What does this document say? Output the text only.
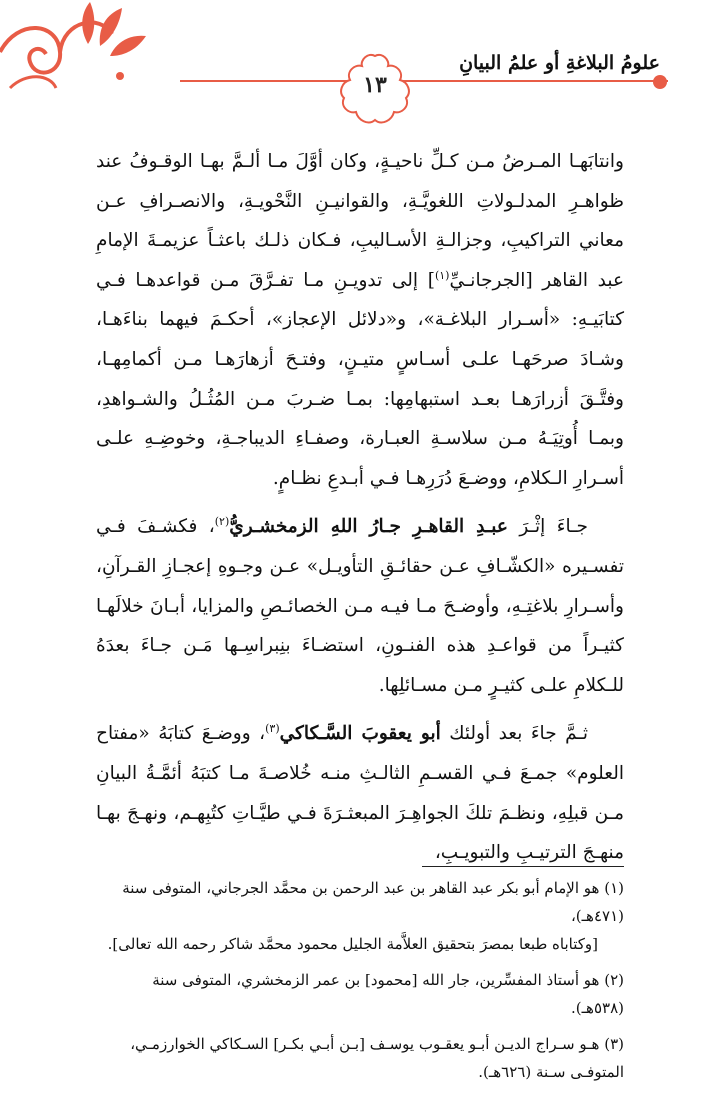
علومُ البلاغةِ أو علمُ البيانِ
١٣

وانتابَهـا المـرضُ مـن كـلِّ ناحيـةٍ، وكان أوَّلَ مـا ألـمَّ بهـا الوقـوفُ عند ظواهـرِ المدلـولاتِ اللغويَّـةِ، والقوانيـنِ النَّحْويـةِ، والانصـرافِ عـن معاني التراكيبِ، وجزالـةِ الأسـاليبِ، فـكان ذلـك باعثـاً عزيمـةَ الإمامِ عبد القاهر [الجرجانـيِّ$^{(١)}$] إلى تدويـنِ مـا تفـرَّقَ مـن قواعدهـا فـي كتابَيـهِ: «أسـرار البلاغـة»، و«دلائل الإعجاز»، أحكـمَ فيهما بناءَهـا، وشـادَ صرحَهـا علـى أسـاسٍ متيـنٍ، وفتـحَ أزهارَهـا مـن أكمامِهـا، وفتَّـقَ أزرارَهـا بعـد استبهامِها: بمـا ضـربَ مـن المُثُـلُ والشـواهدِ، وبمـا أُوتِيَـهُ مـن سلاسـةِ العبـارة، وصفـاءِ الديباجـةِ، وخوضِـهِ علـى أسـرارِ الـكلامِ، ووضـعَ دُرَرِهـا فـي أبـدعِ نظـامٍ.

جـاءَ إثْـرَ عبـدِ القاهـرِ جـارُ اللهِ الزمخشـريُّ$^{(٢)}$، فكشـفَ فـي تفسـيره «الكشّـافِ عـن حقائـقِ التأويـل» عـن وجـوهِ إعجـازِ القـرآنِ، وأسـرارِ بلاغتِـهِ، وأوضـحَ مـا فيـه مـن الخصائـصِ والمزايا، أبـانَ خلالَهـا كثيـراً من قواعـدِ هذه الفنـونِ، استضـاءَ بنِبراسِـها مَـن جـاءَ بعدَهُ للـكلامِ علـى كثيـرٍ مـن مسـائلِها.

ثـمَّ جاءَ بعد أولئك أبو يعقوبَ السَّـكاكي$^{(٣)}$، ووضـعَ كتابَهُ «مفتاح العلوم» جمـعَ فـي القسـمِ الثالـثِ منـه خُلاصـةَ مـا كتبَهُ أئمَّـةُ البيانِ مـن قبلِهِ، ونظـمَ تلكَ الجواهِـرَ المبعثـرَةَ فـي طيَّـاتِ كتُبِهـم، ونهـجَ بهـا منهـجَ الترتيـبِ والتبويـبِ،

(١) هو الإمام أبو بكر عبد القاهر بن عبد الرحمن بن محمَّد الجرجاني، المتوفى سنة (٤٧١هـ)،
[وكتاباه طبعا بمصرَ بتحقيق العلاَّمة الجليل محمود محمَّد شاكر رحمه الله تعالى].

(٢) هو أستاذ المفسِّرين، جار الله [محمود] بن عمر الزمخشري، المتوفى سنة (٥٣٨هـ).

(٣) هـو سـراج الديـن أبـو يعقـوب يوسـف [بـن أبـي بكـر] السـكاكي الخوارزمـي، المتوفـى سـنة (٦٢٦هـ).
